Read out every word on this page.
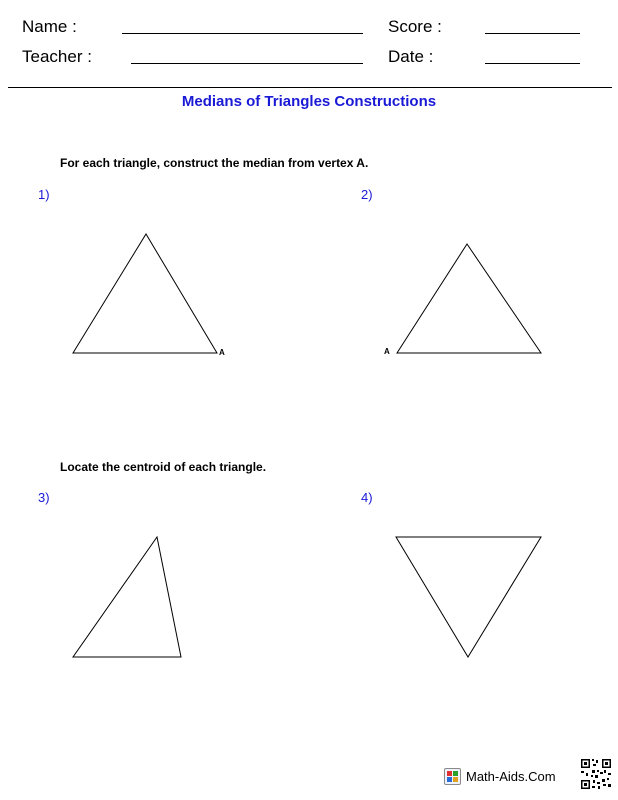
Name :
Teacher :
Score :
Date :
Medians of Triangles Constructions
For each triangle, construct the median from vertex A.
1)	2)
Locate the centroid of each triangle.
3)	4)
A	A
Math-Aids.Com
